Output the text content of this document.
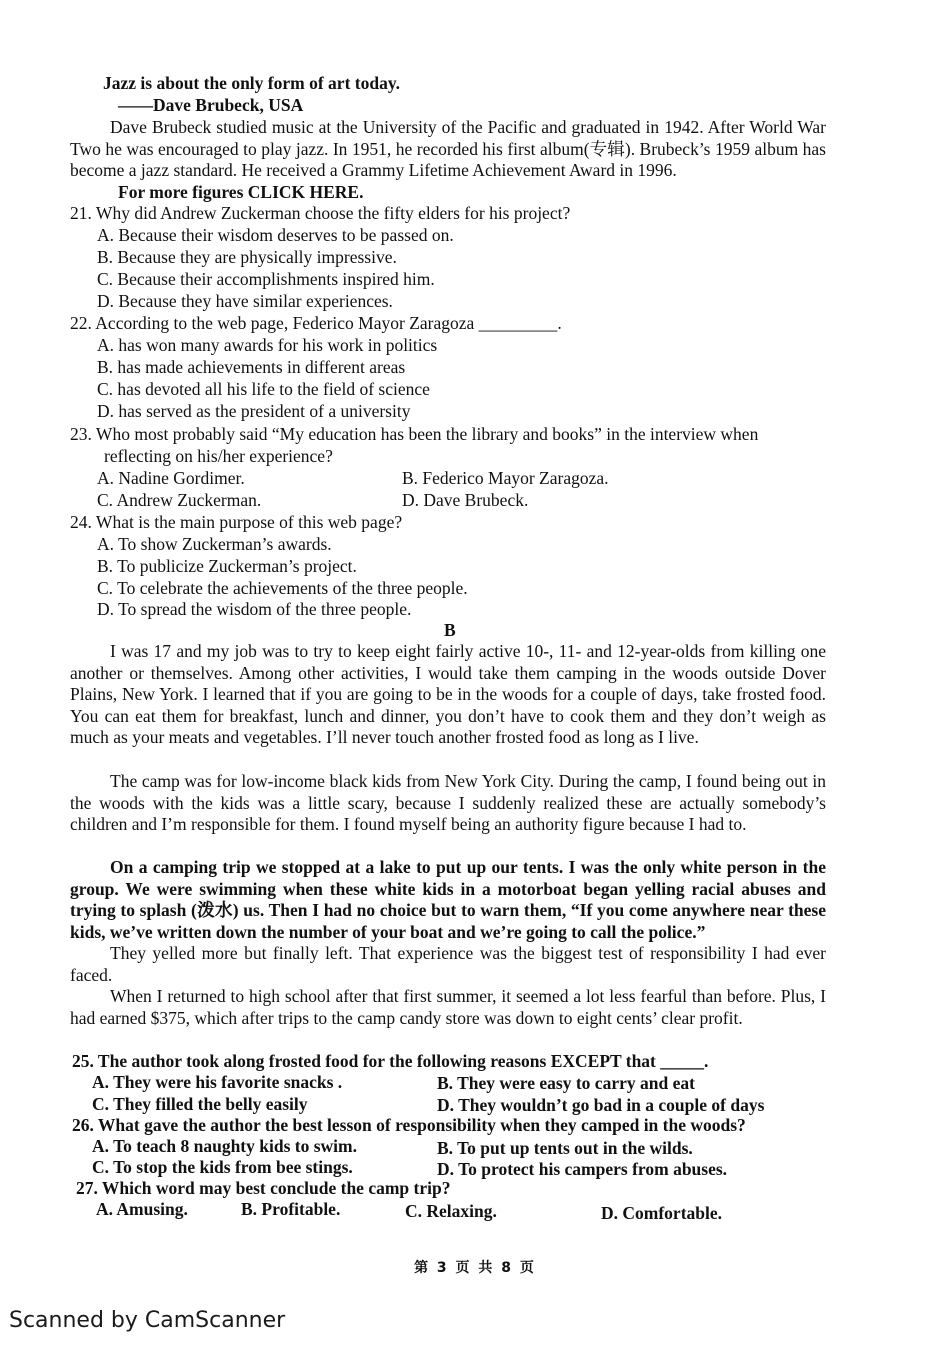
Jazz is about the only form of art today.
——Dave Brubeck, USA
Dave Brubeck studied music at the University of the Pacific and graduated in 1942. After World War Two he was encouraged to play jazz. In 1951, he recorded his first album(专辑). Brubeck’s 1959 album has become a jazz standard. He received a Grammy Lifetime Achievement Award in 1996.
For more figures CLICK HERE.
21. Why did Andrew Zuckerman choose the fifty elders for his project?
A. Because their wisdom deserves to be passed on.
B. Because they are physically impressive.
C. Because their accomplishments inspired him.
D. Because they have similar experiences.
22. According to the web page, Federico Mayor Zaragoza _________.
A. has won many awards for his work in politics
B. has made achievements in different areas
C. has devoted all his life to the field of science
D. has served as the president of a university
23. Who most probably said “My education has been the library and books” in the interview when
reflecting on his/her experience?
A. Nadine Gordimer.	B. Federico Mayor Zaragoza.
C. Andrew Zuckerman.	D. Dave Brubeck.
24. What is the main purpose of this web page?
A. To show Zuckerman’s awards.
B. To publicize Zuckerman’s project.
C. To celebrate the achievements of the three people.
D. To spread the wisdom of the three people.
B
I was 17 and my job was to try to keep eight fairly active 10-, 11- and 12-year-olds from killing one another or themselves. Among other activities, I would take them camping in the woods outside Dover Plains, New York. I learned that if you are going to be in the woods for a couple of days, take frosted food. You can eat them for breakfast, lunch and dinner, you don’t have to cook them and they don’t weigh as much as your meats and vegetables. I’ll never touch another frosted food as long as I live.
The camp was for low-income black kids from New York City. During the camp, I found being out in the woods with the kids was a little scary, because I suddenly realized these are actually somebody’s children and I’m responsible for them. I found myself being an authority figure because I had to.
On a camping trip we stopped at a lake to put up our tents. I was the only white person in the group. We were swimming when these white kids in a motorboat began yelling racial abuses and trying to splash (泼水) us. Then I had no choice but to warn them, “If you come anywhere near these kids, we’ve written down the number of your boat and we’re going to call the police.”
They yelled more but finally left. That experience was the biggest test of responsibility I had ever faced.
When I returned to high school after that first summer, it seemed a lot less fearful than before. Plus, I had earned $375, which after trips to the camp candy store was down to eight cents’ clear profit.
25. The author took along frosted food for the following reasons EXCEPT that _____.
A. They were his favorite snacks .	B. They were easy to carry and eat
C. They filled the belly easily	D. They wouldn’t go bad in a couple of days
26. What gave the author the best lesson of responsibility when they camped in the woods?
A. To teach 8 naughty kids to swim.	B. To put up tents out in the wilds.
C. To stop the kids from bee stings.	D. To protect his campers from abuses.
27. Which word may best conclude the camp trip?
A. Amusing.	B. Profitable.	C. Relaxing.	D. Comfortable.
第 3 页 共 8 页
Scanned by CamScanner
